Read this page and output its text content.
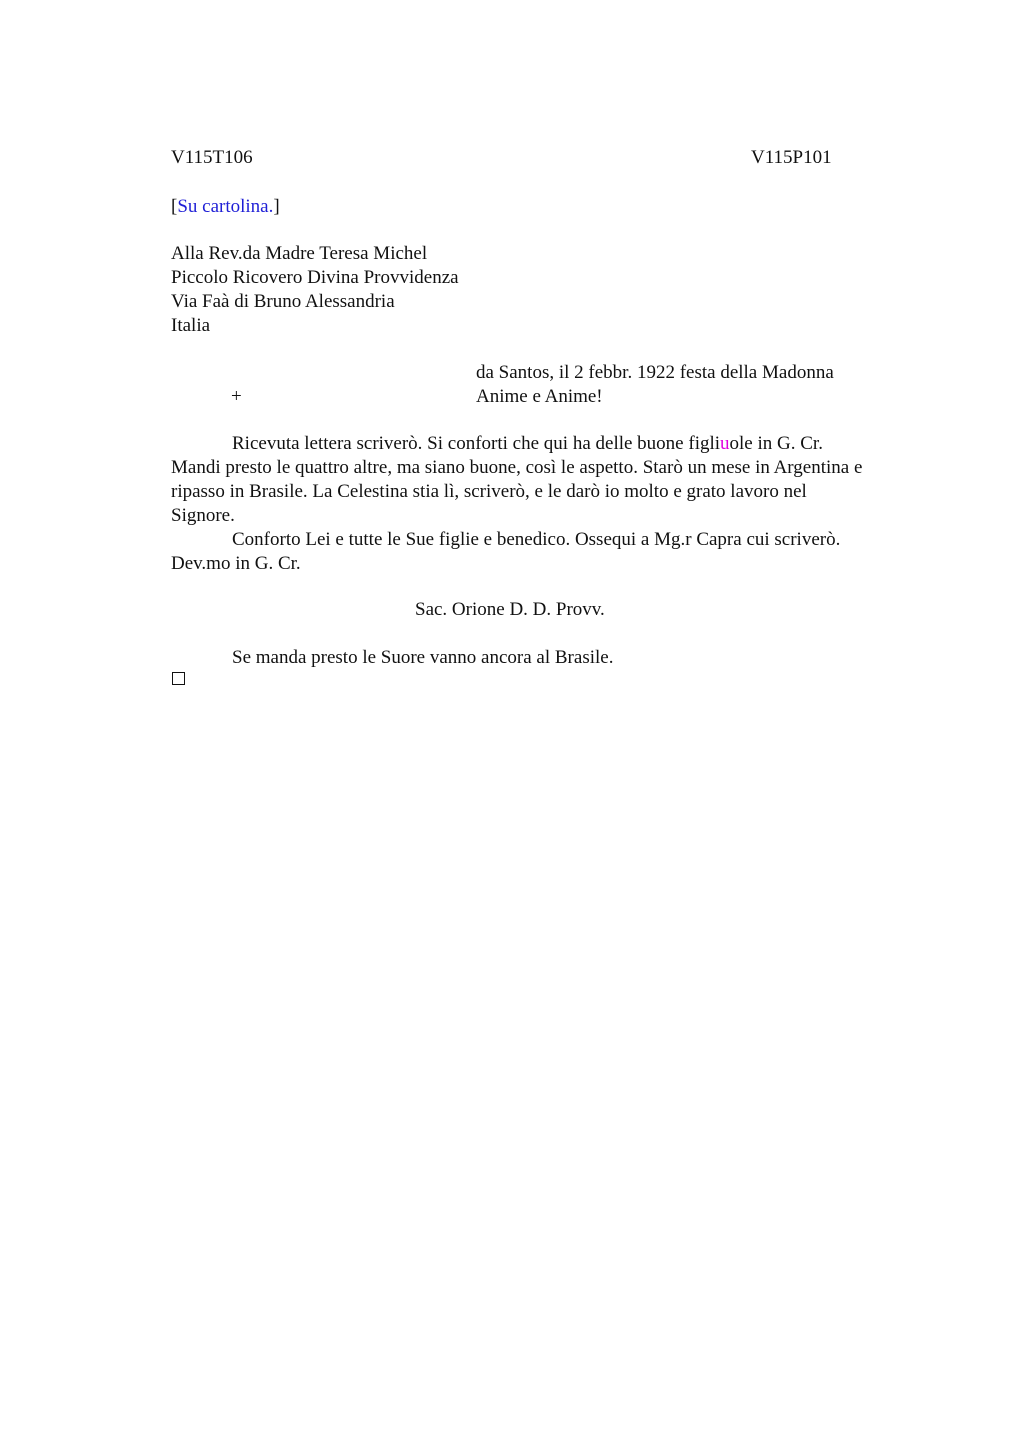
V115T106	V115P101
[Su cartolina.]
Alla Rev.da Madre Teresa Michel
Piccolo Ricovero Divina Provvidenza
Via Faà di Bruno Alessandria
Italia
da Santos, il 2 febbr. 1922 festa della Madonna
+	Anime e Anime!
Ricevuta lettera scriverò. Si conforti che qui ha delle buone figliuole in G. Cr.
Mandi presto le quattro altre, ma siano buone, così le aspetto. Starò un mese in Argentina e
ripasso in Brasile. La Celestina stia lì, scriverò, e le darò io molto e grato lavoro nel
Signore.
Conforto Lei e tutte le Sue figlie e benedico. Ossequi a Mg.r Capra cui scriverò.
Dev.mo in G. Cr.
Sac. Orione D. D. Provv.
Se manda presto le Suore vanno ancora al Brasile.
